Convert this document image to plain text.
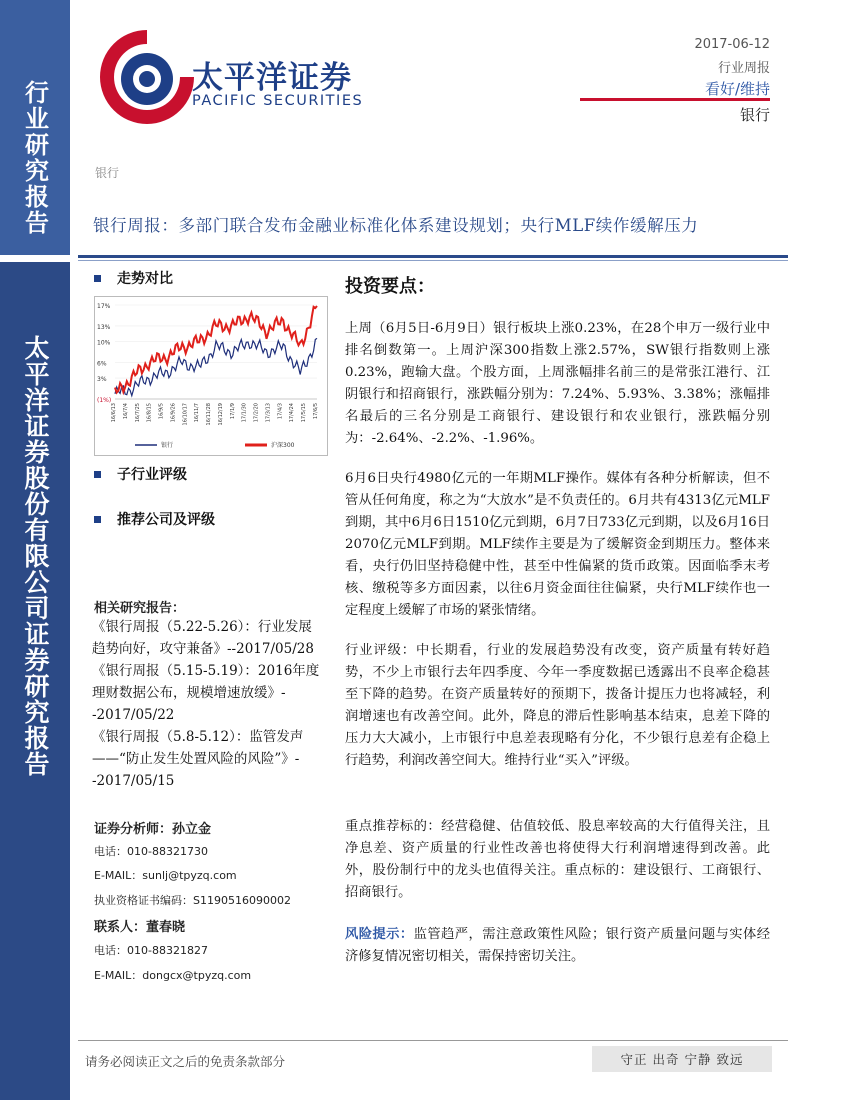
行业研究报告
太平洋证券股份有限公司证券研究报告
太平洋证券
PACIFIC SECURITIES
2017-06-12
行业周报
看好/维持
银行
银行
银行周报：多部门联合发布金融业标准化体系建设规划；央行MLF续作缓解压力
走势对比
17%
13%
10%
6%
3%
(1%)
16/6/13 16/7/4 16/7/25 16/8/15 16/9/5 16/9/26 16/10/17 16/11/7 16/11/28 16/12/19 17/1/9 17/1/30 17/2/20 17/3/13 17/4/3 17/4/24 17/5/15 17/6/5
银行	沪深300
子行业评级
推荐公司及评级
相关研究报告：
《银行周报（5.22-5.26）：行业发展趋势向好，攻守兼备》--2017/05/28
《银行周报（5.15-5.19）：2016年度理财数据公布，规模增速放缓》--2017/05/22
《银行周报（5.8-5.12）：监管发声——“防止发生处置风险的风险”》--2017/05/15
证券分析师：孙立金
电话：010-88321730
E-MAIL：sunlj@tpyzq.com
执业资格证书编码：S1190516090002
联系人：董春晓
电话：010-88321827
E-MAIL：dongcx@tpyzq.com
投资要点：
上周（6月5日-6月9日）银行板块上涨0.23%，在28个申万一级行业中排名倒数第一。上周沪深300指数上涨2.57%，SW银行指数则上涨0.23%，跑输大盘。个股方面，上周涨幅排名前三的是常张江港行、江阴银行和招商银行，涨跌幅分别为：7.24%、5.93%、3.38%；涨幅排名最后的三名分别是工商银行、建设银行和农业银行，涨跌幅分别为：-2.64%、-2.2%、-1.96%。
6月6日央行4980亿元的一年期MLF操作。媒体有各种分析解读，但不管从任何角度，称之为“大放水”是不负责任的。6月共有4313亿元MLF到期，其中6月6日1510亿元到期，6月7日733亿元到期，以及6月16日2070亿元MLF到期。MLF续作主要是为了缓解资金到期压力。整体来看，央行仍旧坚持稳健中性，甚至中性偏紧的货币政策。因面临季末考核、缴税等多方面因素，以往6月资金面往往偏紧，央行MLF续作也一定程度上缓解了市场的紧张情绪。
行业评级：中长期看，行业的发展趋势没有改变，资产质量有转好趋势，不少上市银行去年四季度、今年一季度数据已透露出不良率企稳甚至下降的趋势。在资产质量转好的预期下，拨备计提压力也将减轻，利润增速也有改善空间。此外，降息的滞后性影响基本结束，息差下降的压力大大减小，上市银行中息差表现略有分化，不少银行息差有企稳上行趋势，利润改善空间大。维持行业“买入”评级。
重点推荐标的：经营稳健、估值较低、股息率较高的大行值得关注，且净息差、资产质量的行业性改善也将使得大行利润增速得到改善。此外，股份制行中的龙头也值得关注。重点标的：建设银行、工商银行、招商银行。
风险提示：监管趋严，需注意政策性风险；银行资产质量问题与实体经济修复情况密切相关，需保持密切关注。
请务必阅读正文之后的免责条款部分	守正 出奇 宁静 致远
